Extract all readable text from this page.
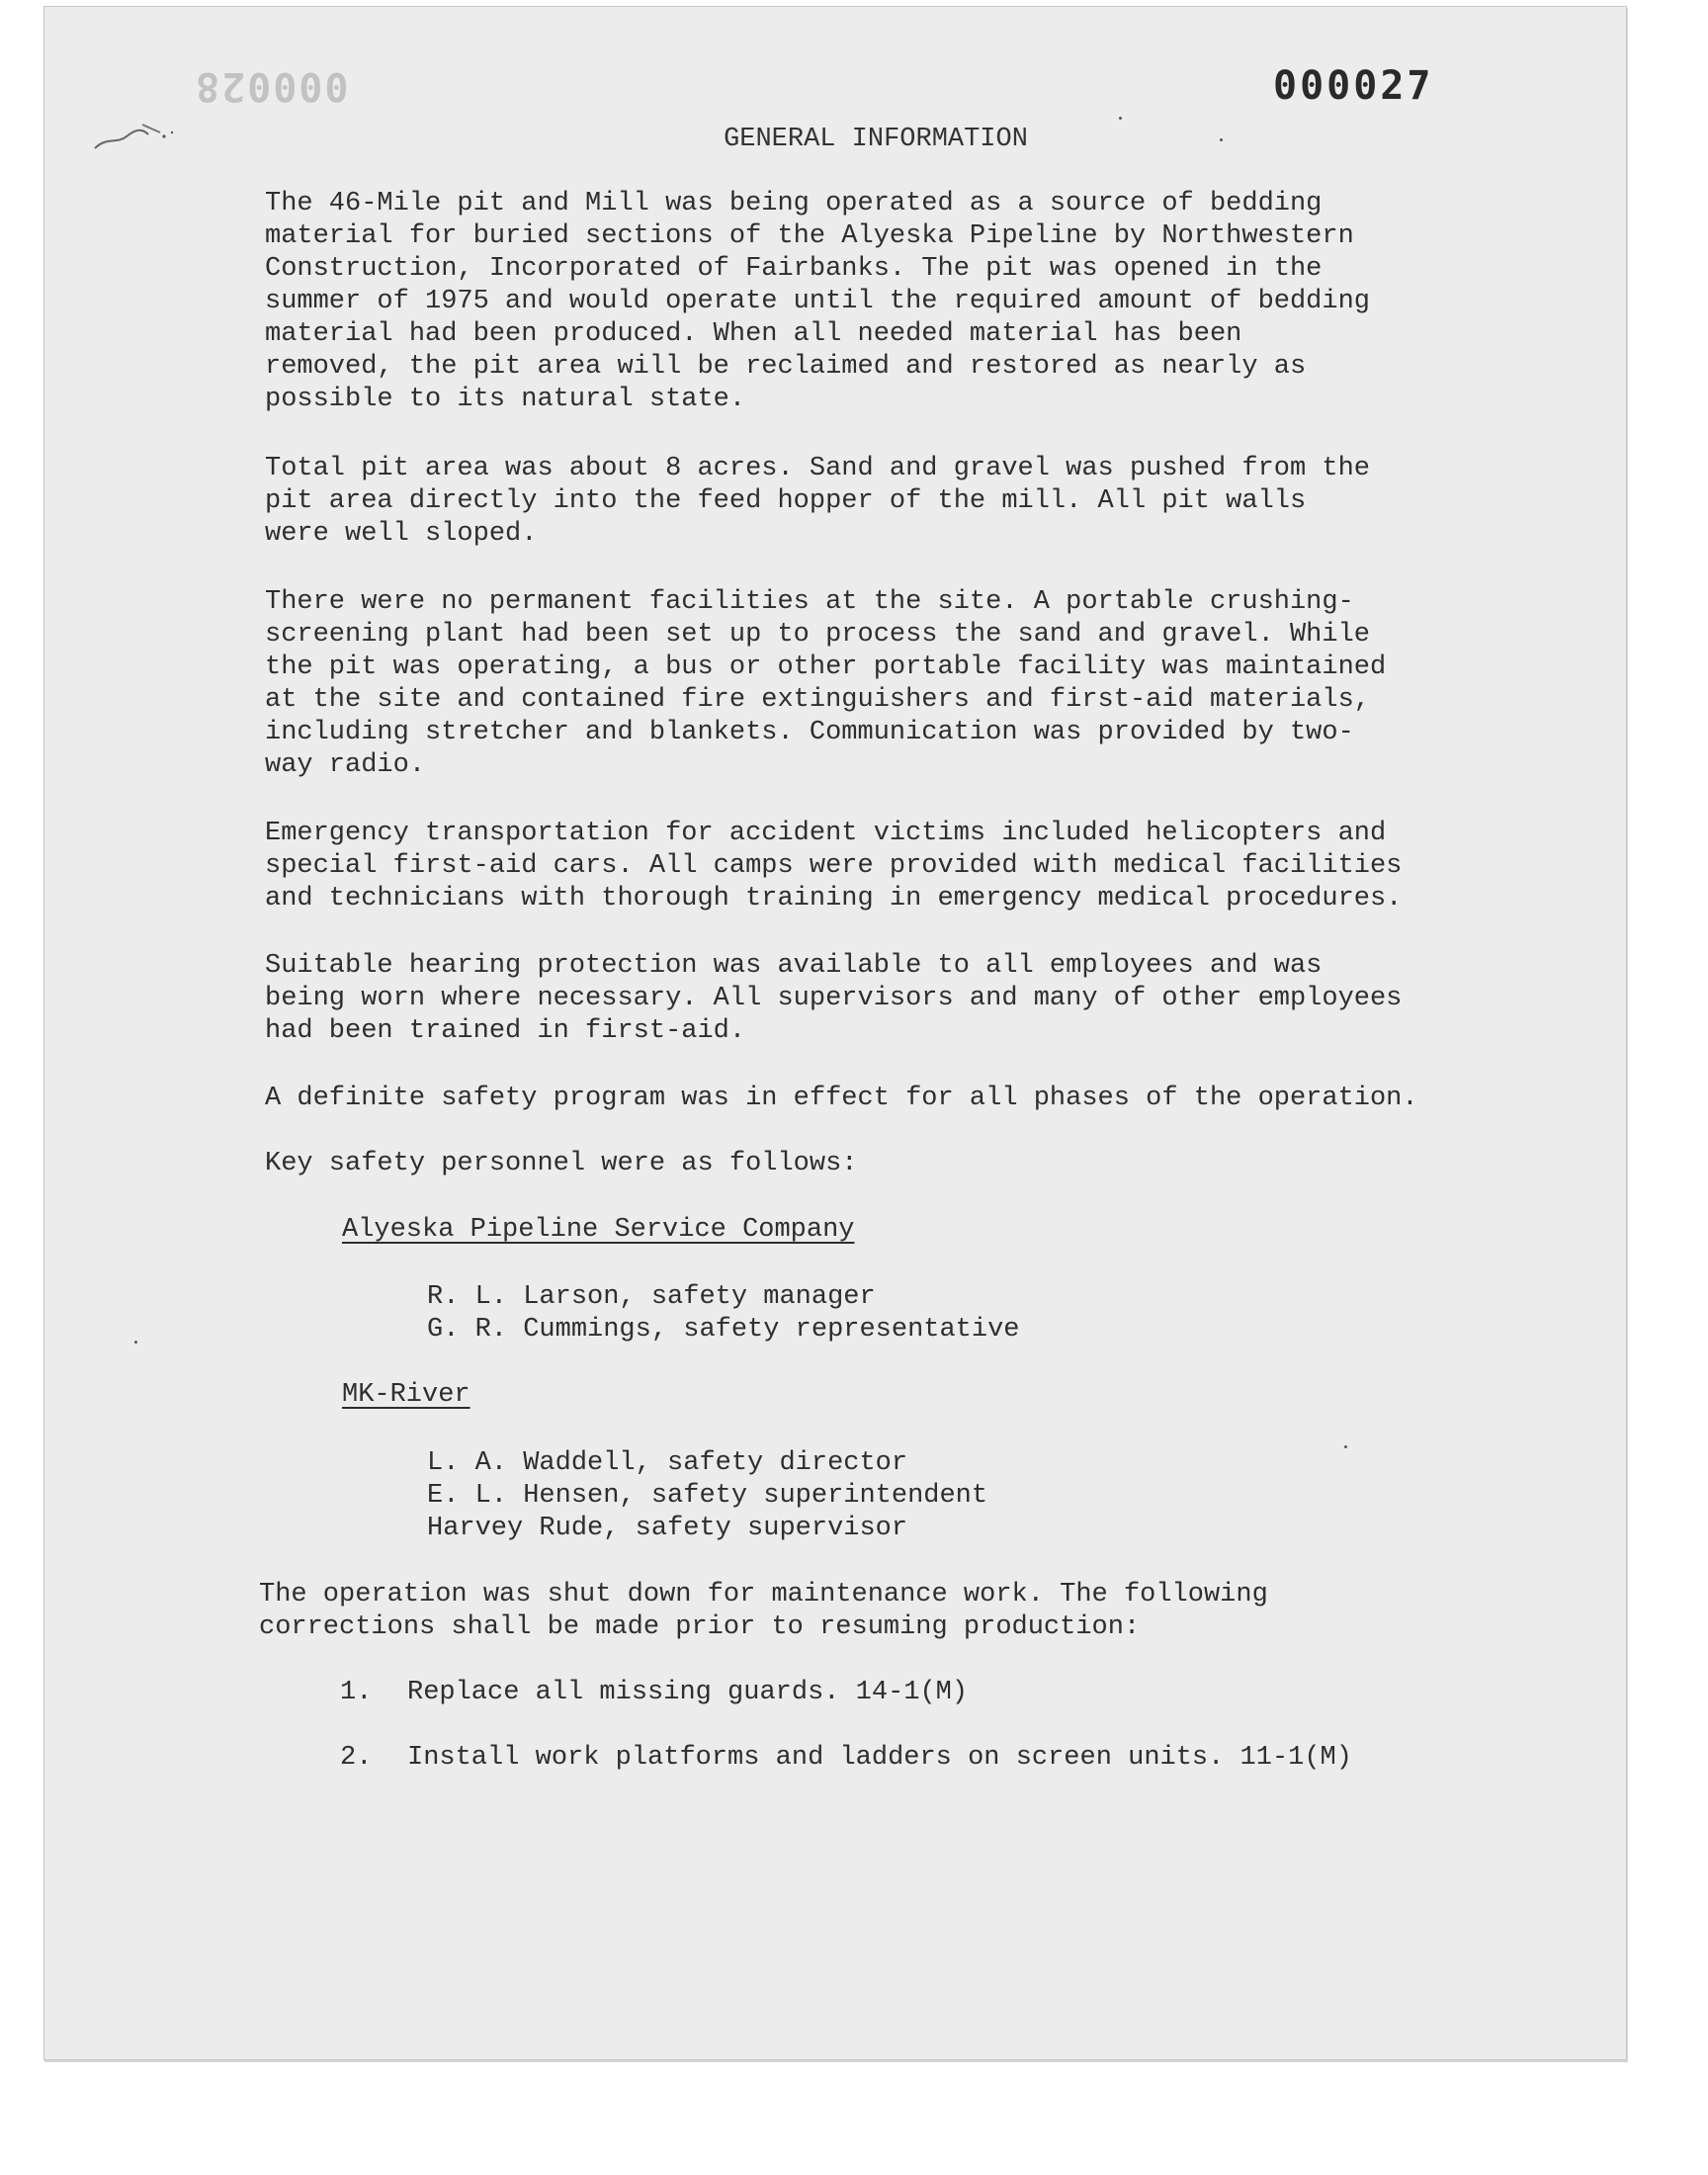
000028	000027
GENERAL INFORMATION

The 46-Mile pit and Mill was being operated as a source of bedding
material for buried sections of the Alyeska Pipeline by Northwestern
Construction, Incorporated of Fairbanks. The pit was opened in the
summer of 1975 and would operate until the required amount of bedding
material had been produced. When all needed material has been
removed, the pit area will be reclaimed and restored as nearly as
possible to its natural state.

Total pit area was about 8 acres. Sand and gravel was pushed from the
pit area directly into the feed hopper of the mill. All pit walls
were well sloped.

There were no permanent facilities at the site. A portable crushing-
screening plant had been set up to process the sand and gravel. While
the pit was operating, a bus or other portable facility was maintained
at the site and contained fire extinguishers and first-aid materials,
including stretcher and blankets. Communication was provided by two-
way radio.

Emergency transportation for accident victims included helicopters and
special first-aid cars. All camps were provided with medical facilities
and technicians with thorough training in emergency medical procedures.

Suitable hearing protection was available to all employees and was
being worn where necessary. All supervisors and many of other employees
had been trained in first-aid.

A definite safety program was in effect for all phases of the operation.

Key safety personnel were as follows:

Alyeska Pipeline Service Company

R. L. Larson, safety manager

G. R. Cummings, safety representative

MK-River

L. A. Waddell, safety director

E. L. Hensen, safety superintendent

Harvey Rude, safety supervisor

The operation was shut down for maintenance work. The following
corrections shall be made prior to resuming production:

1. Replace all missing guards. 14-1(M)

2. Install work platforms and ladders on screen units. 11-1(M)
